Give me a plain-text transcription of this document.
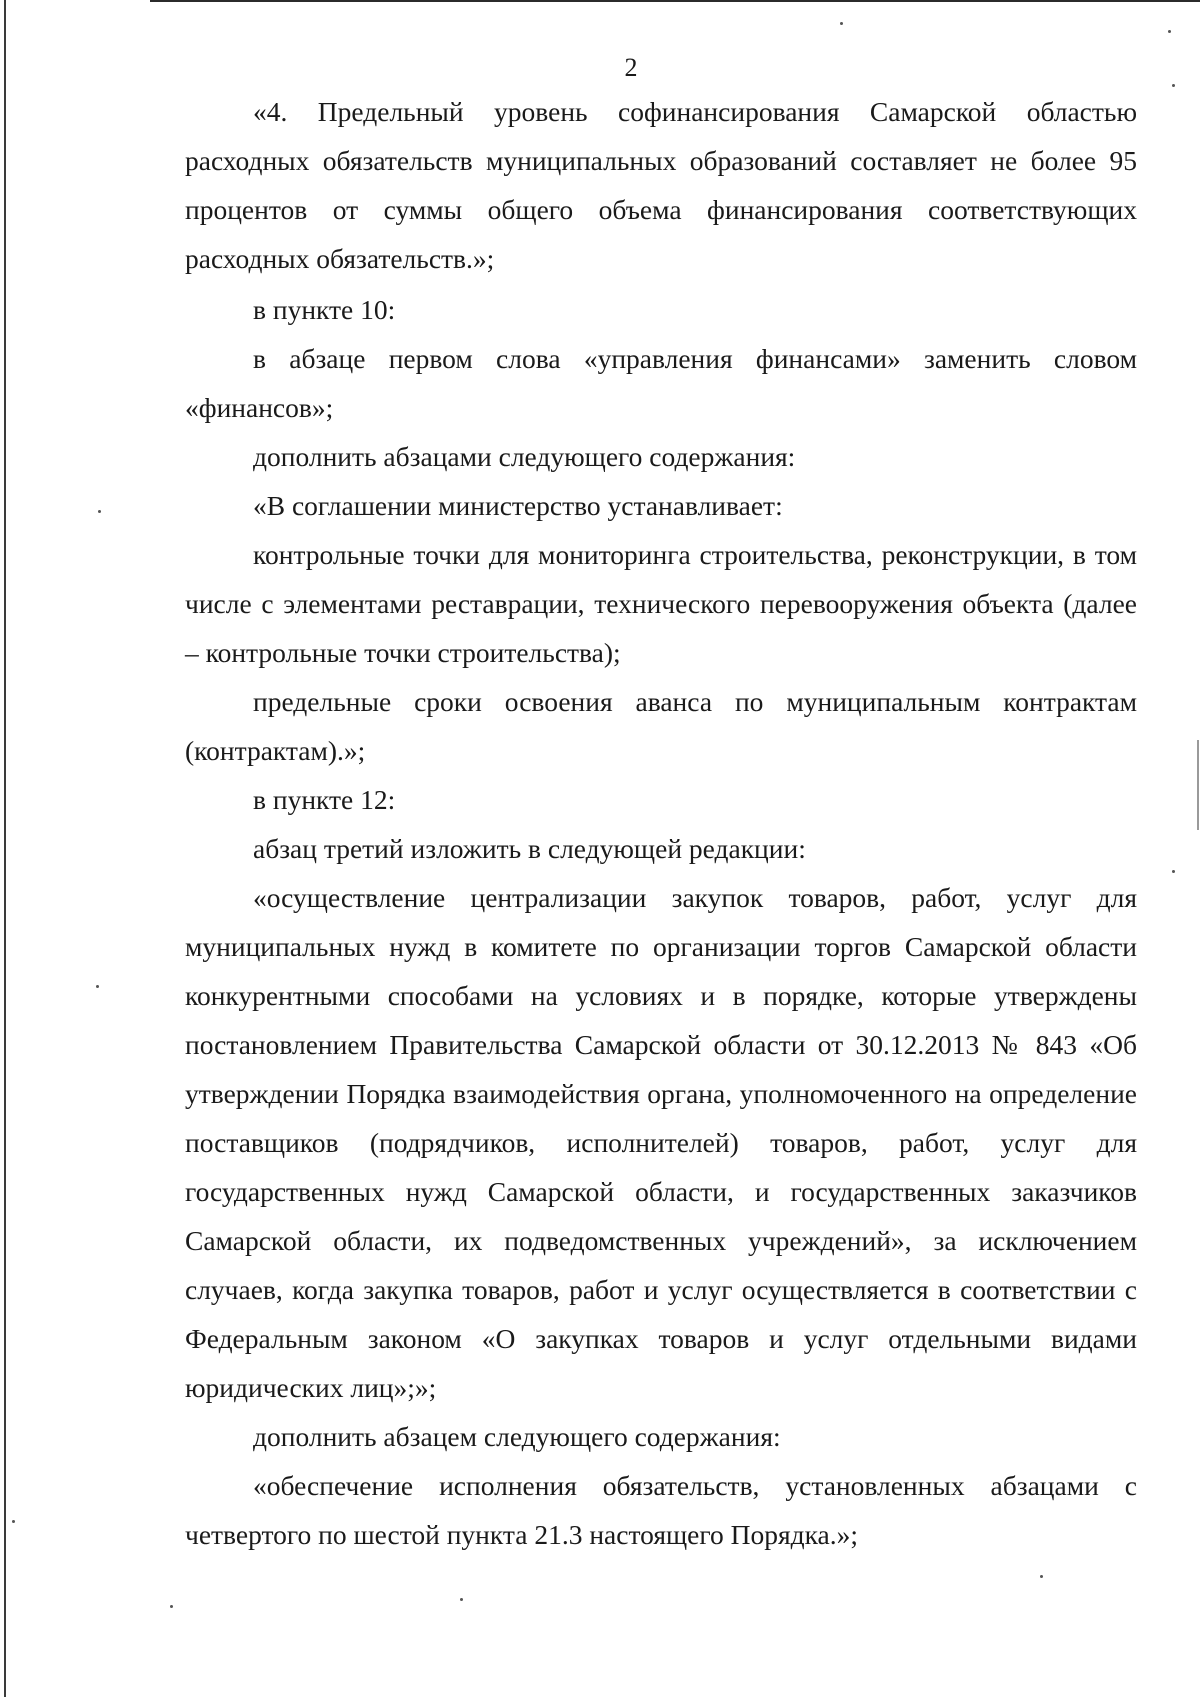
2

«4. Предельный уровень софинансирования Самарской областью расходных обязательств муниципальных образований составляет не более 95 процентов от суммы общего объема финансирования соответствующих расходных обязательств.»;

в пункте 10:

в абзаце первом слова «управления финансами» заменить словом «финансов»;

дополнить абзацами следующего содержания:

«В соглашении министерство устанавливает:

контрольные точки для мониторинга строительства, реконструкции, в том числе с элементами реставрации, технического перевооружения объекта (далее – контрольные точки строительства);

предельные сроки освоения аванса по муниципальным контрактам (контрактам).»;

в пункте 12:

абзац третий изложить в следующей редакции:

«осуществление централизации закупок товаров, работ, услуг для муниципальных нужд в комитете по организации торгов Самарской области конкурентными способами на условиях и в порядке, которые утверждены постановлением Правительства Самарской области от 30.12.2013 № 843 «Об утверждении Порядка взаимодействия органа, уполномоченного на определение поставщиков (подрядчиков, исполнителей) товаров, работ, услуг для государственных нужд Самарской области, и государственных заказчиков Самарской области, их подведомственных учреждений», за исключением случаев, когда закупка товаров, работ и услуг осуществляется в соответствии с Федеральным законом «О закупках товаров и услуг отдельными видами юридических лиц»;»;

дополнить абзацем следующего содержания:

«обеспечение исполнения обязательств, установленных абзацами с четвертого по шестой пункта 21.3 настоящего Порядка.»;
